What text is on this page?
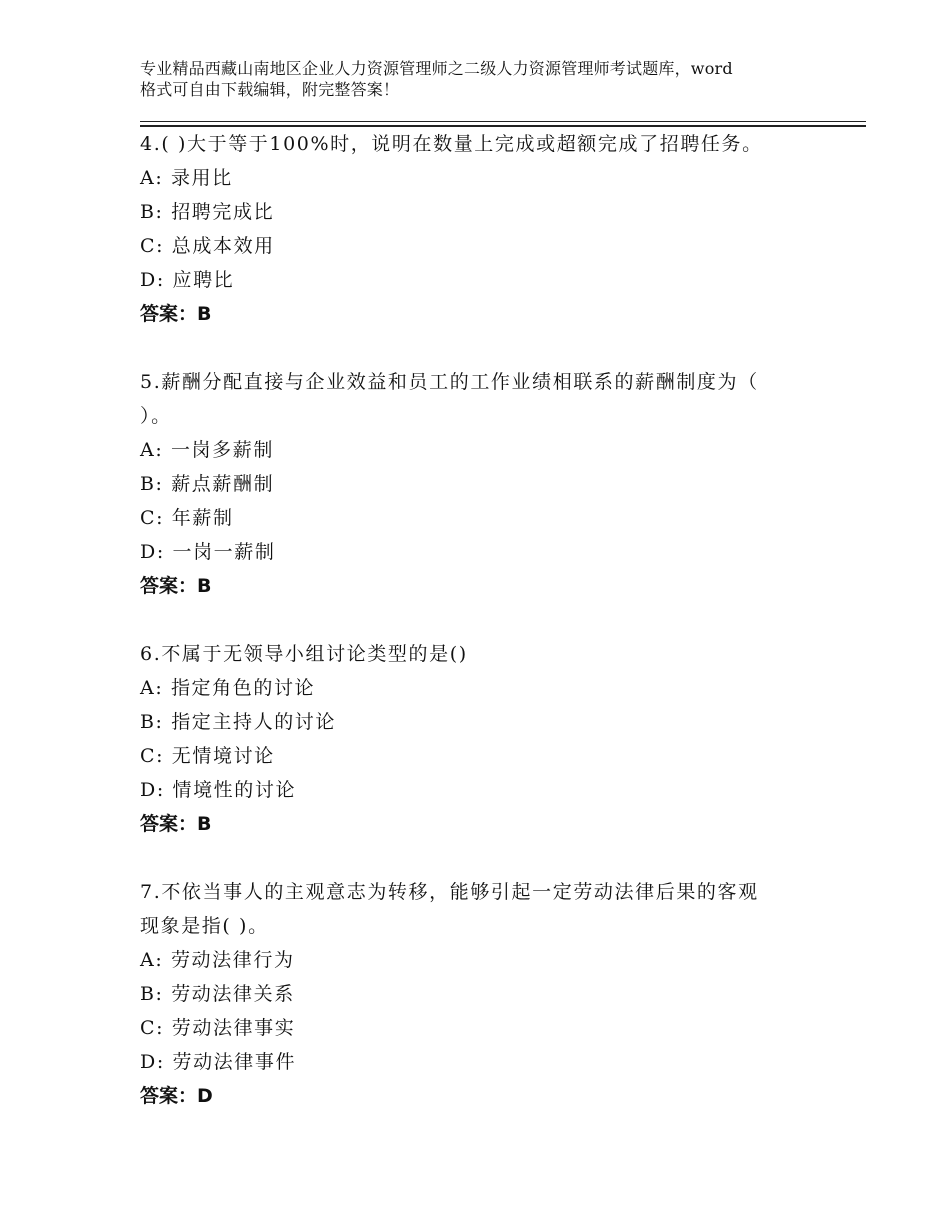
专业精品西藏山南地区企业人力资源管理师之二级人力资源管理师考试题库，word
格式可自由下载编辑，附完整答案！
4.( )大于等于100%时，说明在数量上完成或超额完成了招聘任务。
A: 录用比
B: 招聘完成比
C: 总成本效用
D: 应聘比
答案：B
5.薪酬分配直接与企业效益和员工的工作业绩相联系的薪酬制度为（
）。
A: 一岗多薪制
B: 薪点薪酬制
C: 年薪制
D: 一岗一薪制
答案：B
6.不属于无领导小组讨论类型的是()
A: 指定角色的讨论
B: 指定主持人的讨论
C: 无情境讨论
D: 情境性的讨论
答案：B
7.不依当事人的主观意志为转移，能够引起一定劳动法律后果的客观
现象是指( )。
A: 劳动法律行为
B: 劳动法律关系
C: 劳动法律事实
D: 劳动法律事件
答案：D
